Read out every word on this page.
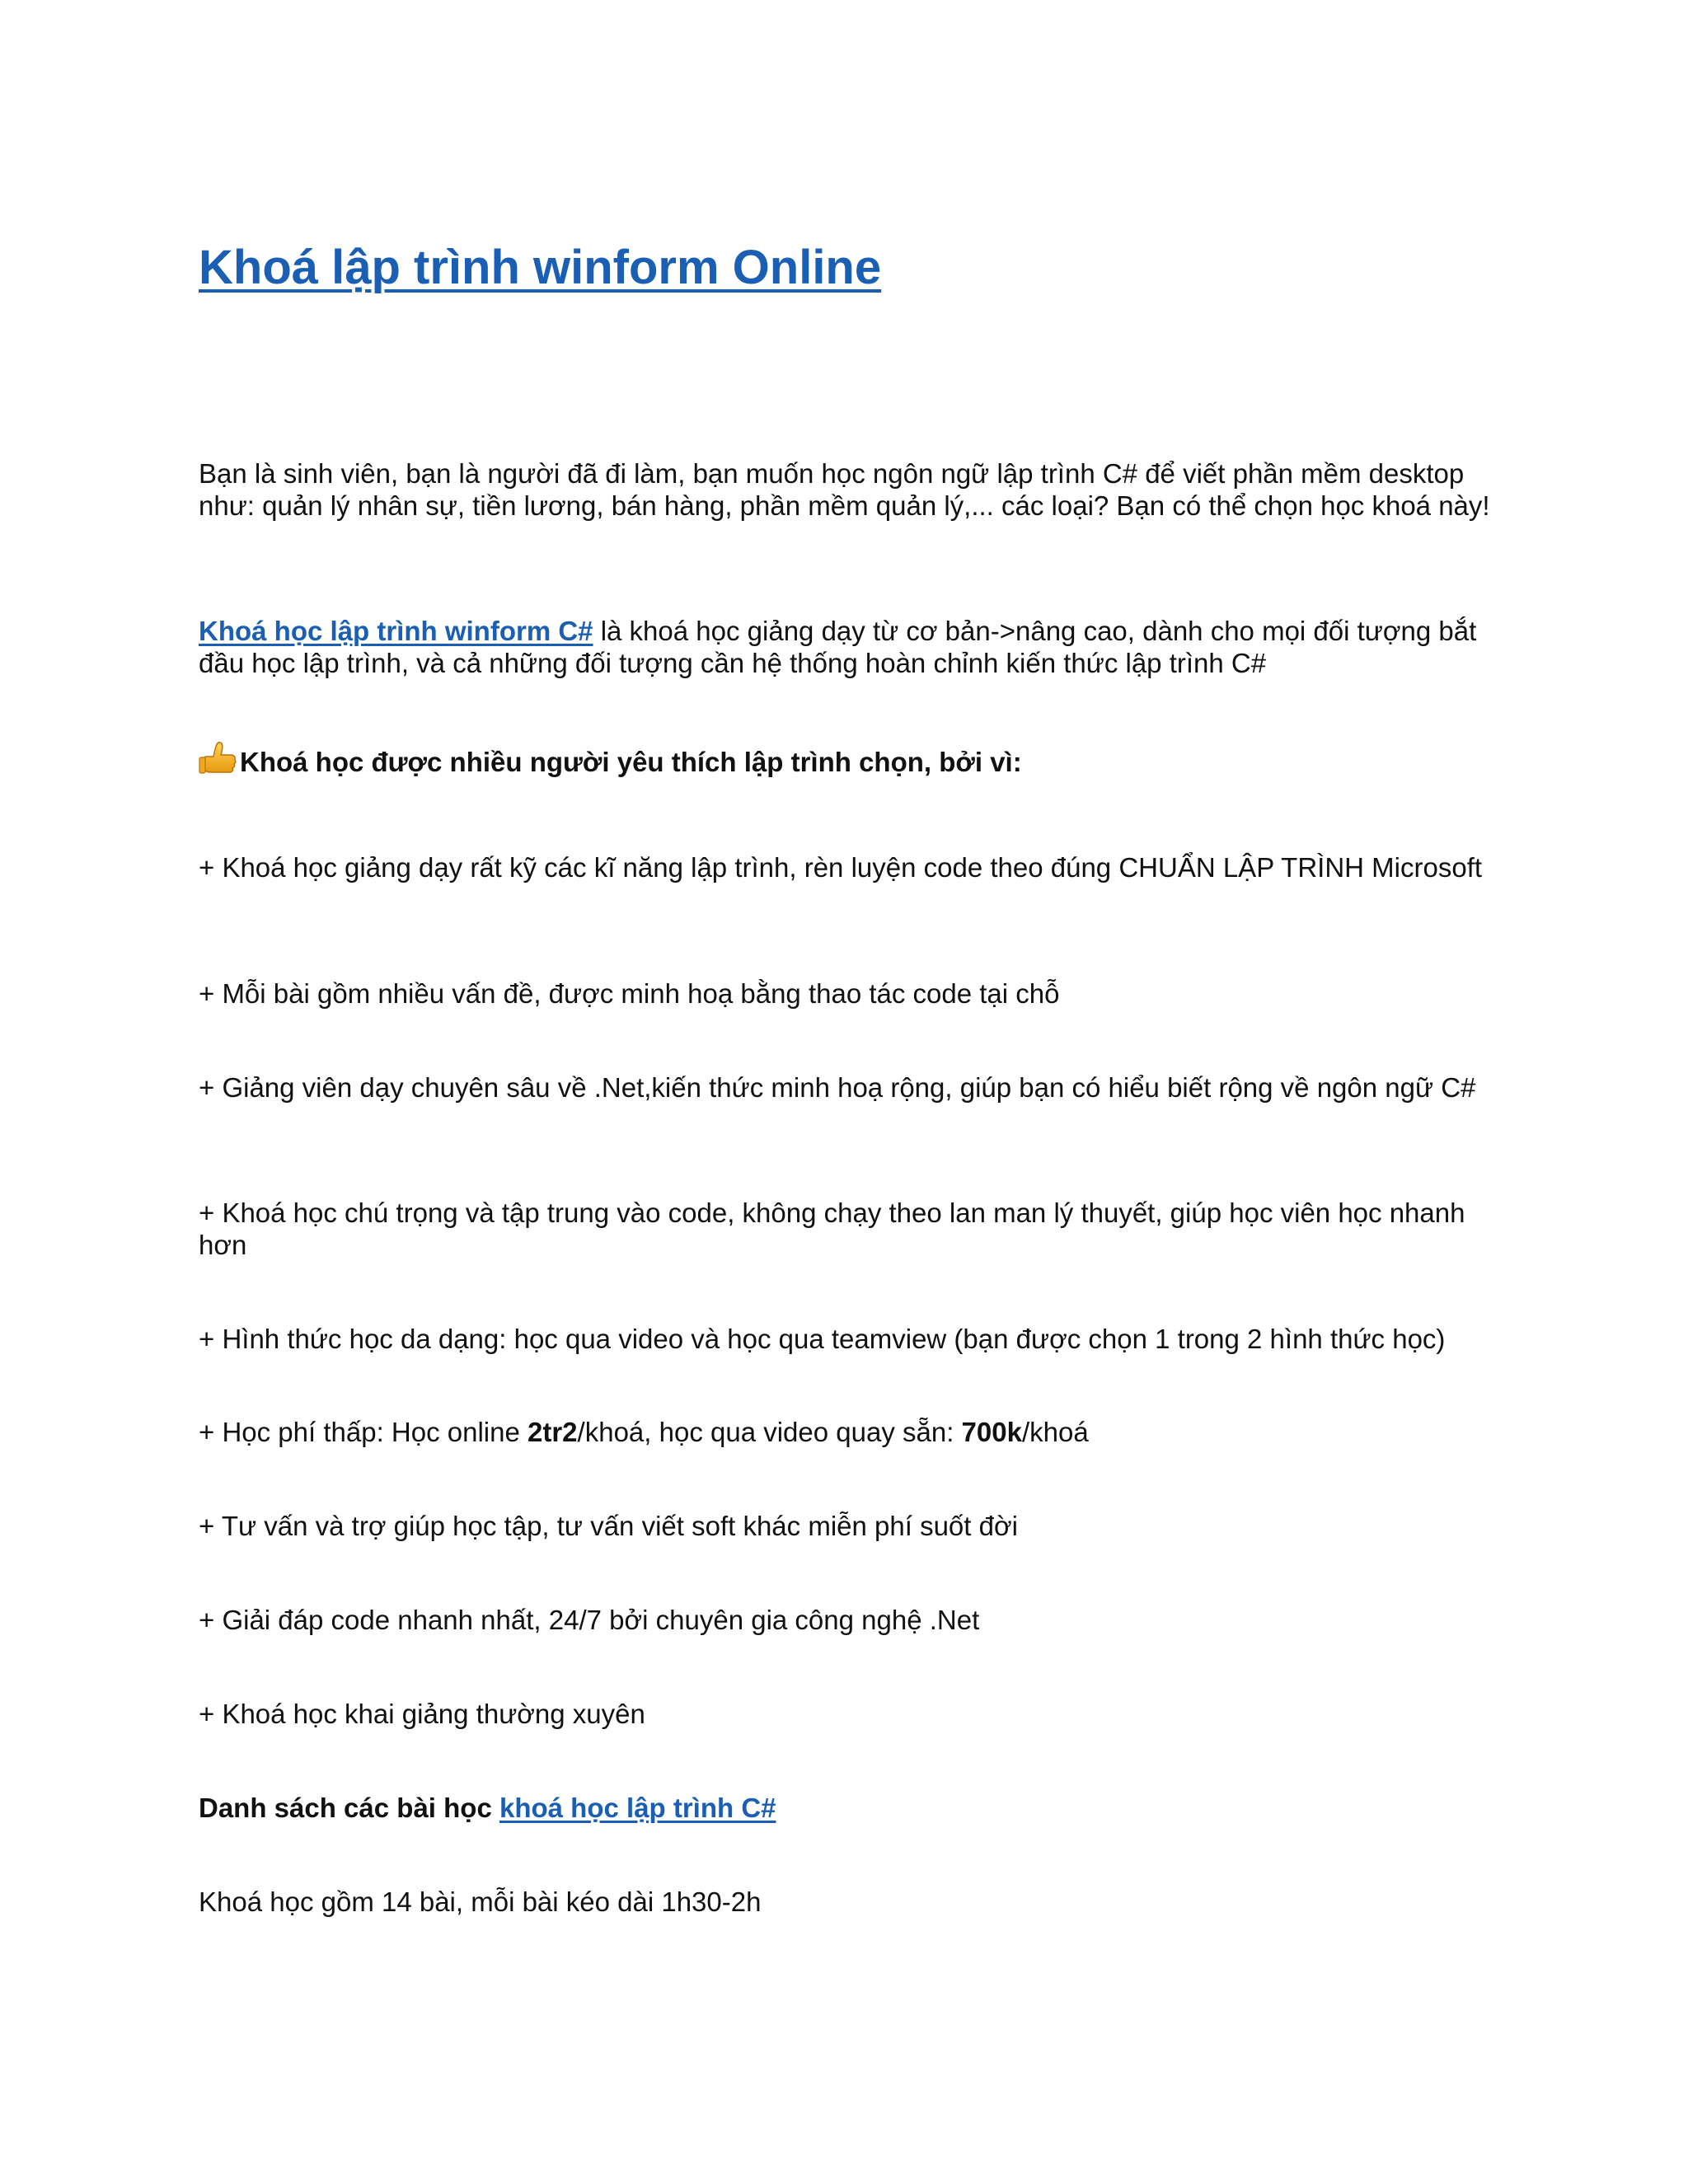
Khoá lập trình winform Online
Bạn là sinh viên, bạn là người đã đi làm, bạn muốn học ngôn ngữ lập trình C# để viết phần mềm desktop như: quản lý nhân sự, tiền lương, bán hàng, phần mềm quản lý,... các loại? Bạn có thể chọn học khoá này!
Khoá học lập trình winform C# là khoá học giảng dạy từ cơ bản->nâng cao, dành cho mọi đối tượng bắt đầu học lập trình, và cả những đối tượng cần hệ thống hoàn chỉnh kiến thức lập trình C#
Khoá học được nhiều người yêu thích lập trình chọn, bởi vì:
+ Khoá học giảng dạy rất kỹ các kĩ năng lập trình, rèn luyện code theo đúng CHUẨN LẬP TRÌNH Microsoft
+ Mỗi bài gồm nhiều vấn đề, được minh hoạ bằng thao tác code tại chỗ
+ Giảng viên dạy chuyên sâu về .Net,kiến thức minh hoạ rộng, giúp bạn có hiểu biết rộng về ngôn ngữ C#
+ Khoá học chú trọng và tập trung vào code, không chạy theo lan man lý thuyết, giúp học viên học nhanh hơn
+ Hình thức học da dạng: học qua video và học qua teamview (bạn được chọn 1 trong 2 hình thức học)
+ Học phí thấp: Học online 2tr2/khoá, học qua video quay sẵn: 700k/khoá
+ Tư vấn và trợ giúp học tập, tư vấn viết soft khác miễn phí suốt đời
+ Giải đáp code nhanh nhất, 24/7 bởi chuyên gia công nghệ .Net
+ Khoá học khai giảng thường xuyên
Danh sách các bài học khoá học lập trình C#
Khoá học gồm 14 bài, mỗi bài kéo dài 1h30-2h
